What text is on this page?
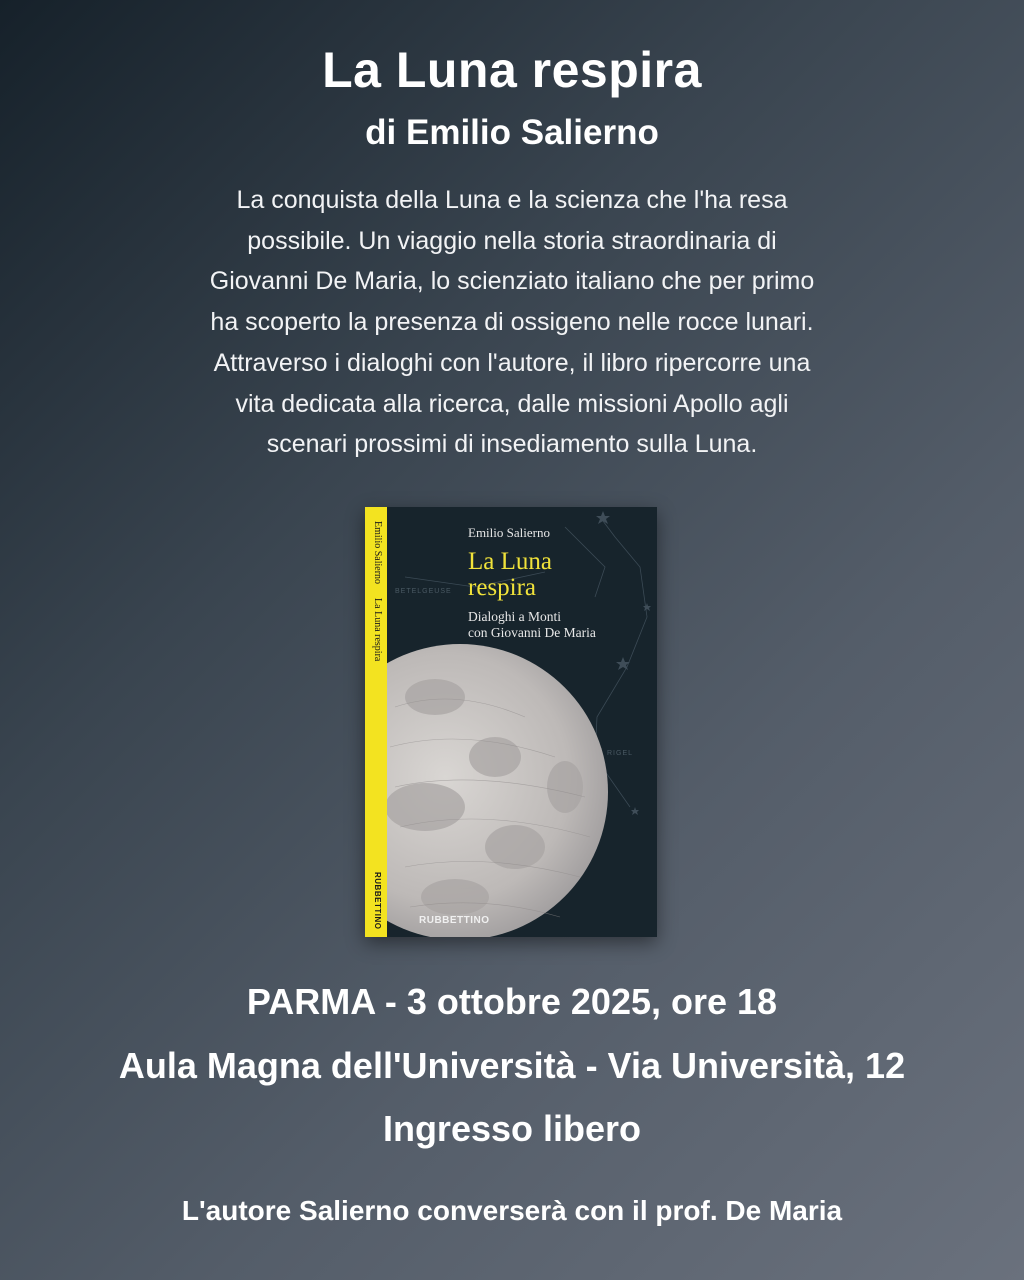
La Luna respira
di Emilio Salierno
La conquista della Luna e la scienza che l'ha resa
possibile. Un viaggio nella storia straordinaria di
Giovanni De Maria, lo scienziato italiano che per primo
ha scoperto la presenza di ossigeno nelle rocce lunari.
Attraverso i dialoghi con l'autore, il libro ripercorre una
vita dedicata alla ricerca, dalle missioni Apollo agli
scenari prossimi di insediamento sulla Luna.
BETELGEUSE
RIGEL
Emilio SaliernoLa Luna respira
RUBBETTINO
Emilio Salierno
La Luna
respira
Dialoghi a Monti
con Giovanni De Maria
RUBBETTINO
PARMA - 3 ottobre 2025, ore 18
Aula Magna dell'Università - Via Università, 12
Ingresso libero
L'autore Salierno converserà con il prof. De Maria
